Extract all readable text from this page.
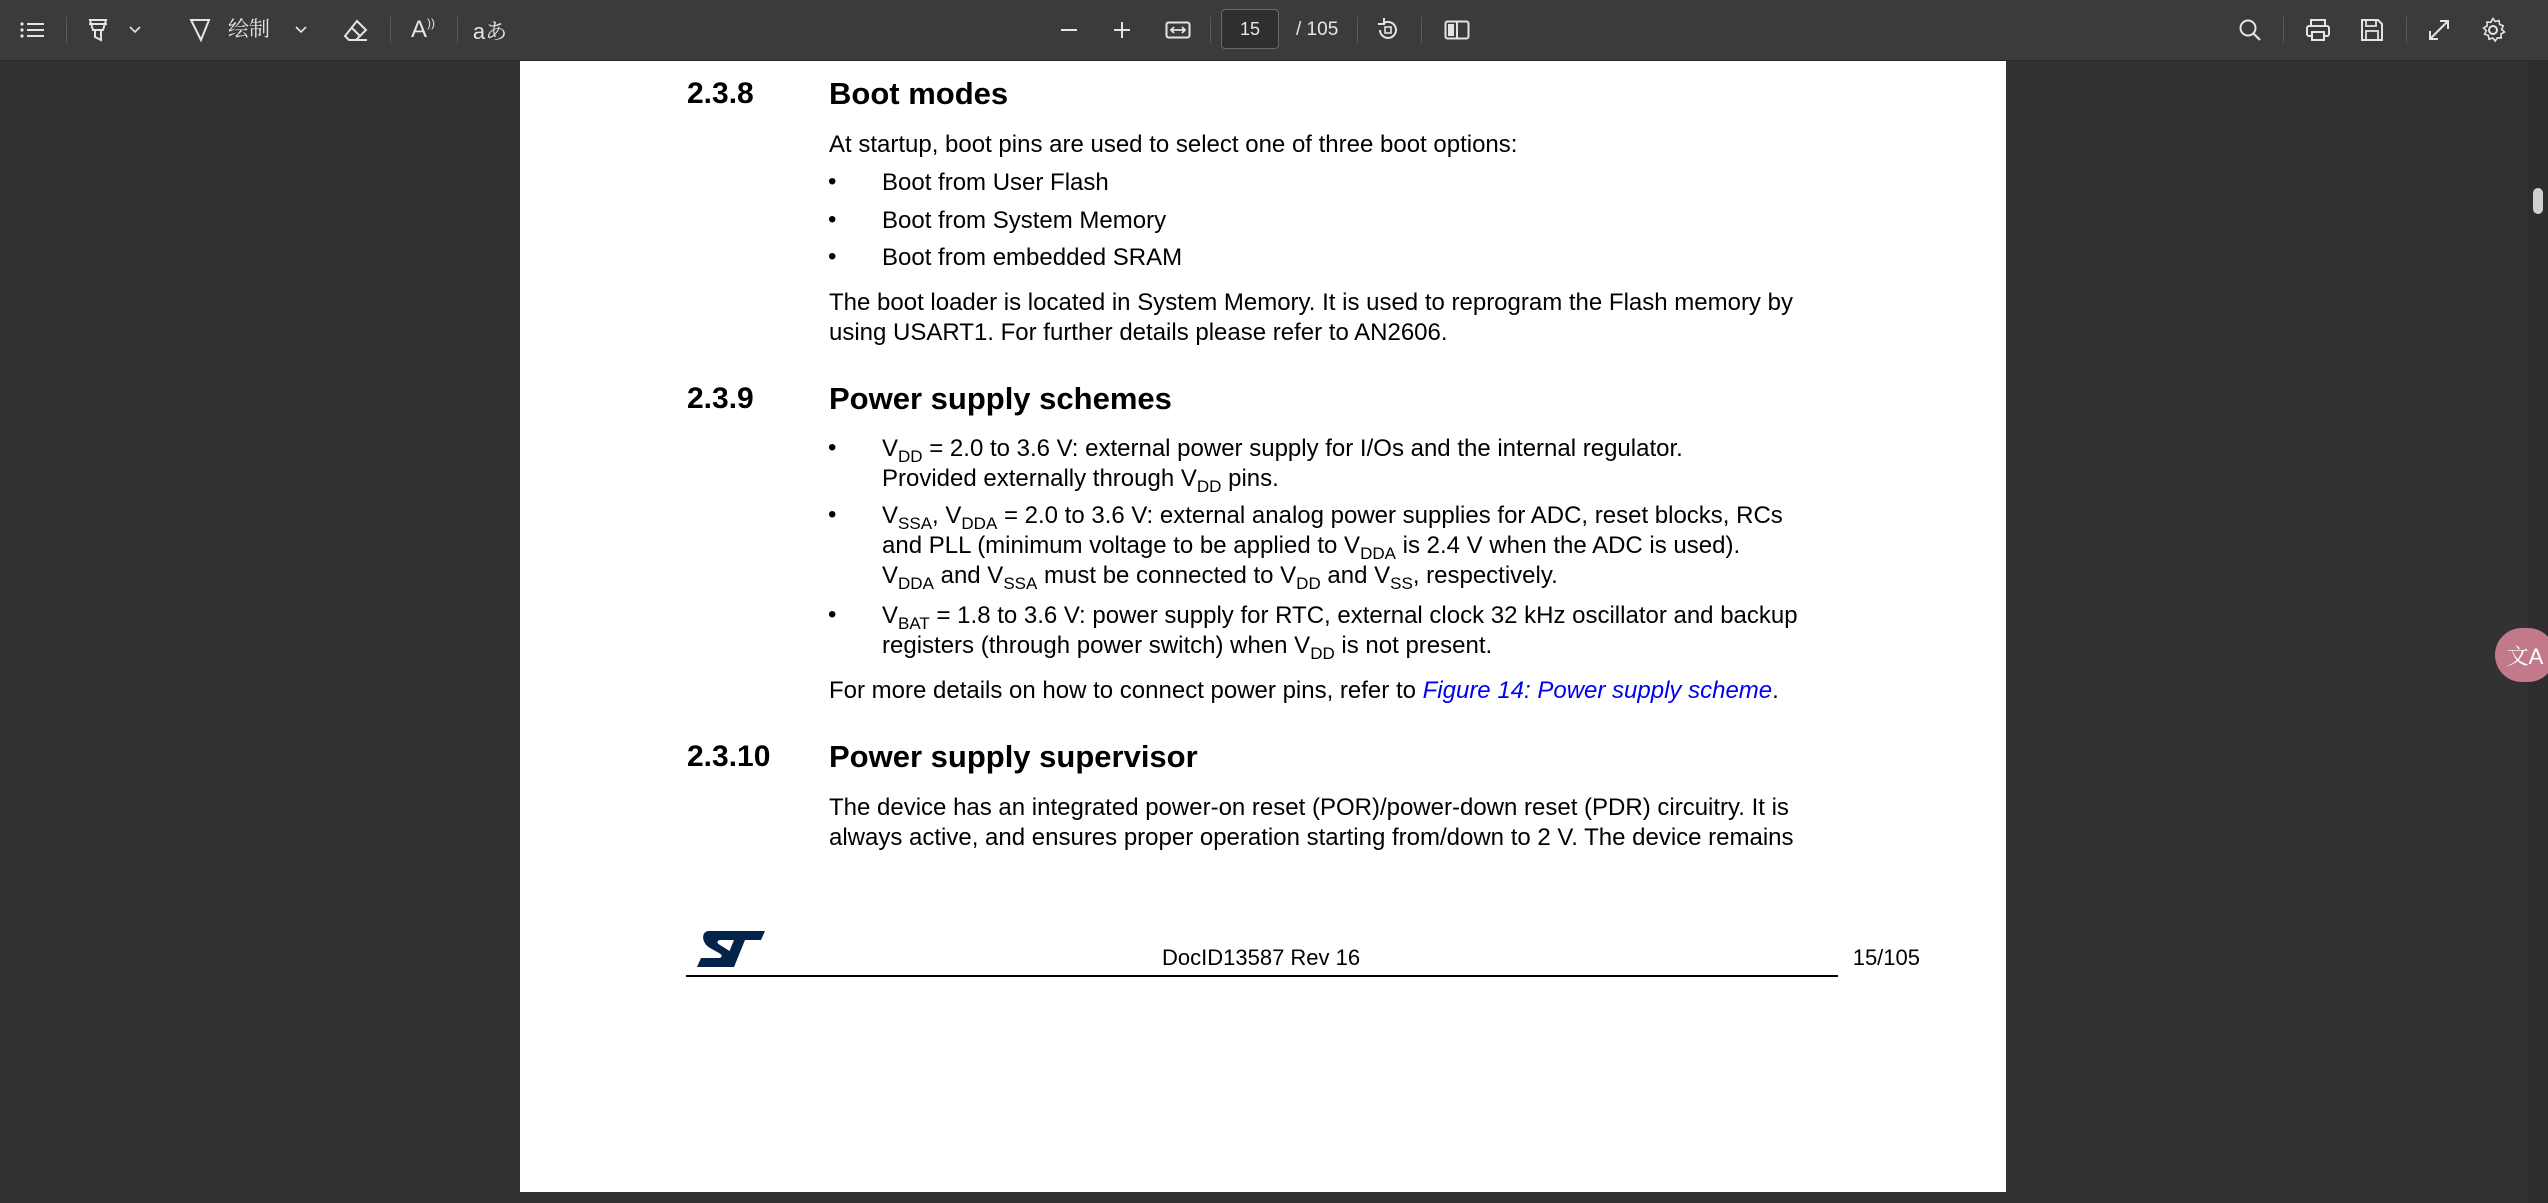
绘制	A )) aあ
15	/ 105
2.3.8 Boot modes
At startup, boot pins are used to select one of three boot options:
• Boot from User Flash
• Boot from System Memory
• Boot from embedded SRAM
The boot loader is located in System Memory. It is used to reprogram the Flash memory by
using USART1. For further details please refer to AN2606.
2.3.9 Power supply schemes
• $V_{DD} = 2.0$ to 3.6 V: external power supply for I/Os and the internal regulator.
Provided externally through $V_{DD}$ pins.
• $V_{SSA}$, $V_{DDA} = 2.0$ to 3.6 V: external analog power supplies for ADC, reset blocks, RCs
and PLL (minimum voltage to be applied to $V_{DDA}$ is 2.4 V when the ADC is used).
$V_{DDA}$ and $V_{SSA}$ must be connected to $V_{DD}$ and $V_{SS}$, respectively.
• $V_{BAT} = 1.8$ to 3.6 V: power supply for RTC, external clock 32 kHz oscillator and backup
registers (through power switch) when $V_{DD}$ is not present.
For more details on how to connect power pins, refer to Figure 14: Power supply scheme.
2.3.10 Power supply supervisor
The device has an integrated power-on reset (POR)/power-down reset (PDR) circuitry. It is
always active, and ensures proper operation starting from/down to 2 V. The device remains
DocID13587 Rev 16	15/105
文A
